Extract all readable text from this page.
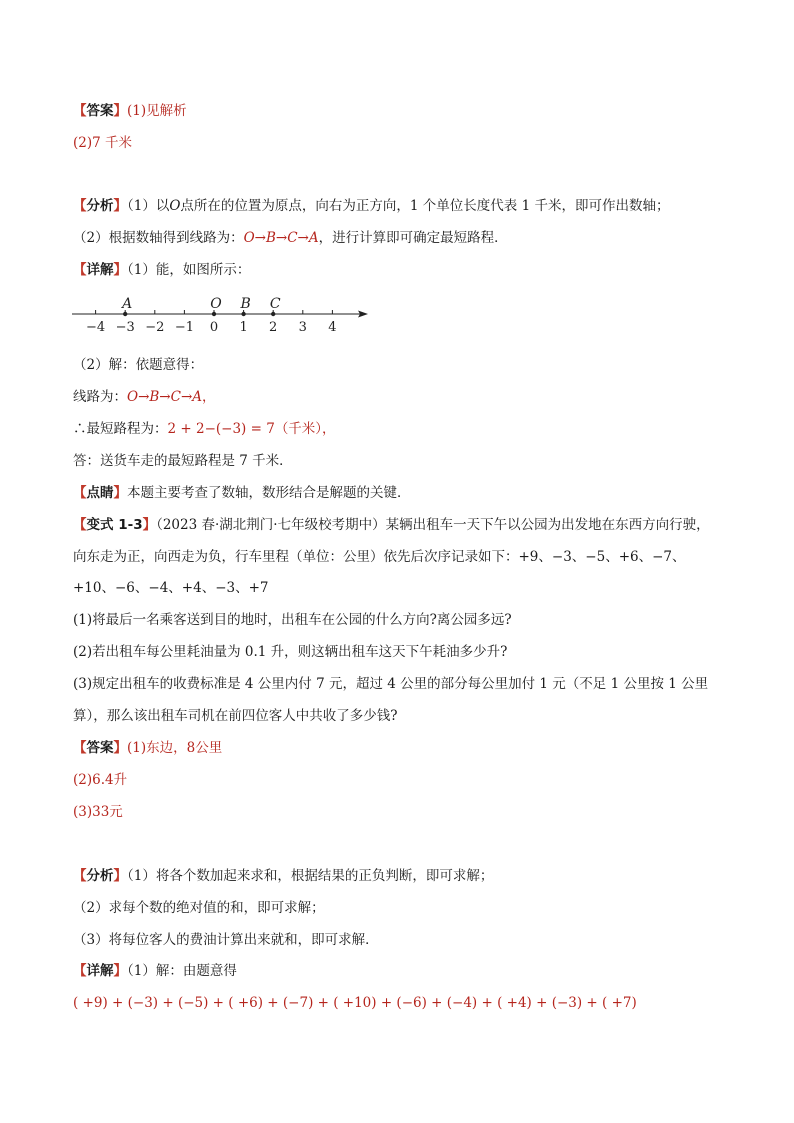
【答案】(1)见解析
(2)7 千米
【分析】（1）以O点所在的位置为原点，向右为正方向，1 个单位长度代表 1 千米，即可作出数轴；
（2）根据数轴得到线路为：O→B→C→A，进行计算即可确定最短路程．
【详解】（1）能，如图所示：
−4 −3 −2 −1 0 1 2 3 4
A	O B C
（2）解：依题意得：
线路为：O→B→C→A，
∴最短路程为：2 + 2−(−3) = 7（千米），
答：送货车走的最短路程是 7 千米．
【点睛】本题主要考查了数轴，数形结合是解题的关键．
【变式 1-3】（2023 春·湖北荆门·七年级校考期中）某辆出租车一天下午以公园为出发地在东西方向行驶，
向东走为正，向西走为负，行车里程（单位：公里）依先后次序记录如下：+9、−3、−5、+6、−7、
+10、−6、−4、+4、−3、+7
(1)将最后一名乘客送到目的地时，出租车在公园的什么方向?离公园多远?
(2)若出租车每公里耗油量为 0.1 升，则这辆出租车这天下午耗油多少升?
(3)规定出租车的收费标准是 4 公里内付 7 元，超过 4 公里的部分每公里加付 1 元（不足 1 公里按 1 公里
算），那么该出租车司机在前四位客人中共收了多少钱?
【答案】(1)东边，8公里
(2)6.4升
(3)33元
【分析】（1）将各个数加起来求和，根据结果的正负判断，即可求解；
（2）求每个数的绝对值的和，即可求解；
（3）将每位客人的费油计算出来就和，即可求解．
【详解】（1）解：由题意得
( +9) + (−3) + (−5) + ( +6) + (−7) + ( +10) + (−6) + (−4) + ( +4) + (−3) + ( +7)
